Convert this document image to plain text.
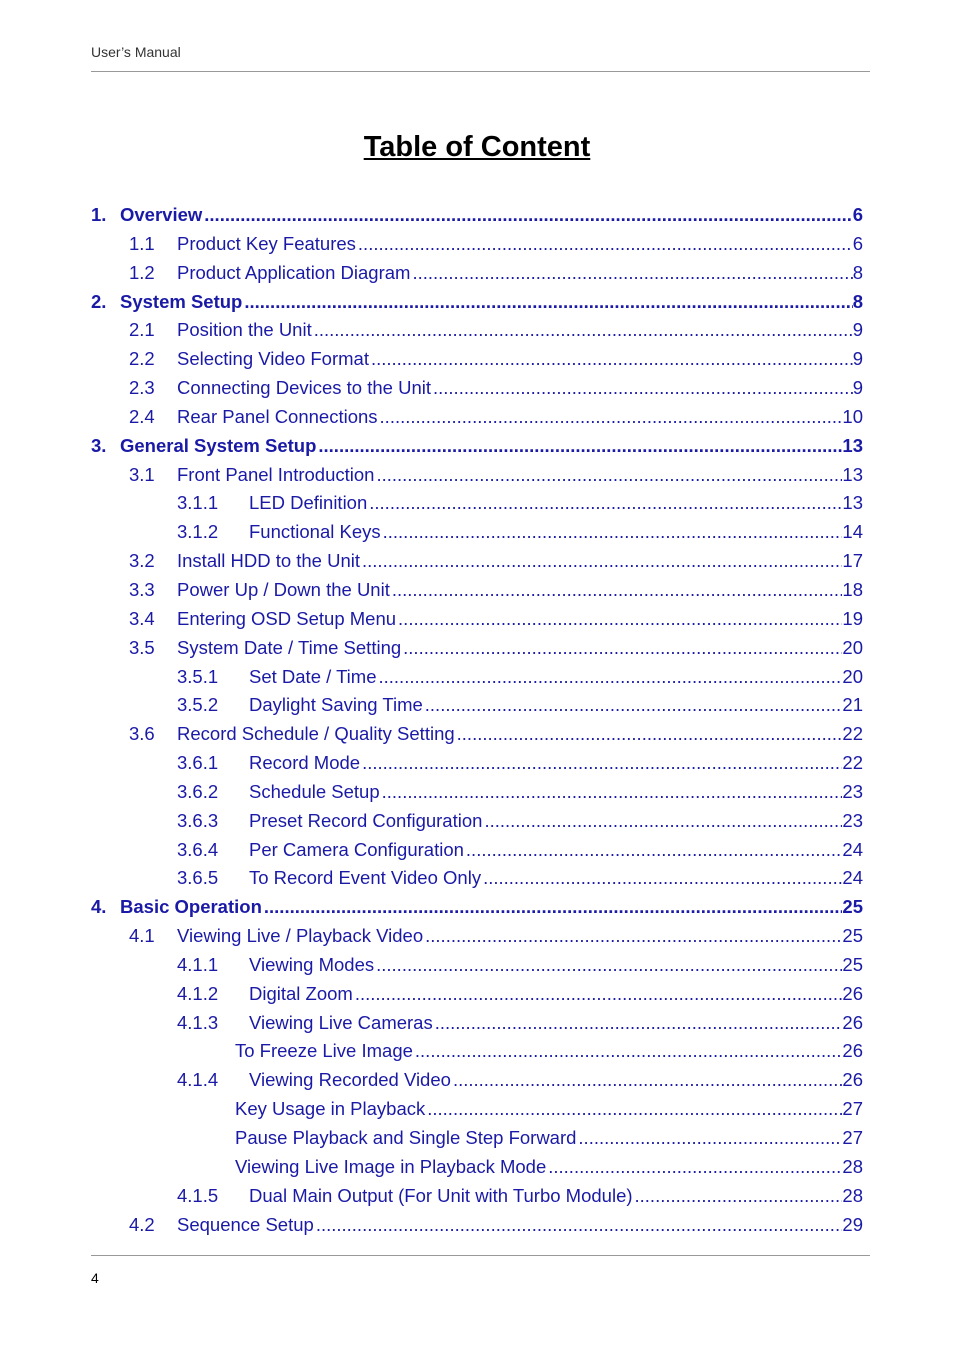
User’s Manual
Table of Content
1. Overview .....	6
1.1 Product Key Features .....	6
1.2 Product Application Diagram .....	8
2. System Setup .....	8
2.1 Position the Unit .....	9
2.2 Selecting Video Format .....	9
2.3 Connecting Devices to the Unit .....	9
2.4 Rear Panel Connections .....	10
3. General System Setup .....	13
3.1 Front Panel Introduction .....	13
3.1.1 LED Definition .....	13
3.1.2 Functional Keys .....	14
3.2 Install HDD to the Unit .....	17
3.3 Power Up / Down the Unit .....	18
3.4 Entering OSD Setup Menu .....	19
3.5 System Date / Time Setting .....	20
3.5.1 Set Date / Time .....	20
3.5.2 Daylight Saving Time .....	21
3.6 Record Schedule / Quality Setting .....	22
3.6.1 Record Mode .....	22
3.6.2 Schedule Setup .....	23
3.6.3 Preset Record Configuration .....	23
3.6.4 Per Camera Configuration .....	24
3.6.5 To Record Event Video Only .....	24
4. Basic Operation .....	25
4.1 Viewing Live / Playback Video .....	25
4.1.1 Viewing Modes .....	25
4.1.2 Digital Zoom .....	26
4.1.3 Viewing Live Cameras .....	26
To Freeze Live Image .....	26
4.1.4 Viewing Recorded Video .....	26
Key Usage in Playback .....	27
Pause Playback and Single Step Forward .....	27
Viewing Live Image in Playback Mode .....	28
4.1.5 Dual Main Output (For Unit with Turbo Module) .....	28
4.2 Sequence Setup .....	29
4
